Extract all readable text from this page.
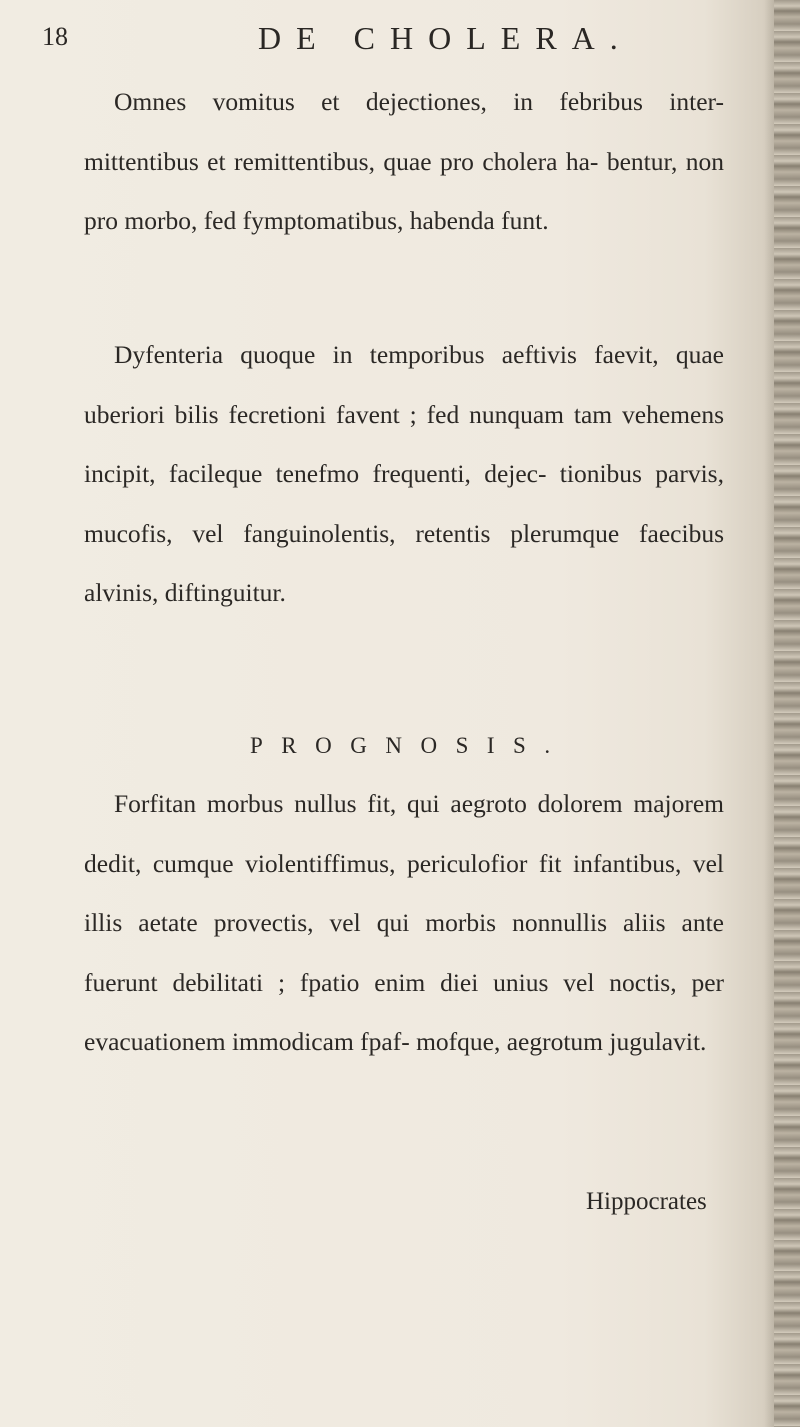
18	DE CHOLERA.
Omnes vomitus et dejectiones, in febribus inter- mittentibus et remittentibus, quae pro cholera ha- bentur, non pro morbo, fed fymptomatibus, habenda funt.
Dyfenteria quoque in temporibus aeftivis faevit, quae uberiori bilis fecretioni favent ; fed nunquam tam vehemens incipit, facileque tenefmo frequenti, dejec- tionibus parvis, mucofis, vel fanguinolentis, retentis plerumque faecibus alvinis, diftinguitur.
PROGNOSIS.
Forfitan morbus nullus fit, qui aegroto dolorem majorem dedit, cumque violentiffimus, periculofior fit infantibus, vel illis aetate provectis, vel qui morbis nonnullis aliis ante fuerunt debilitati ; fpatio enim diei unius vel noctis, per evacuationem immodicam fpaf- mofque, aegrotum jugulavit.
Hippocrates
